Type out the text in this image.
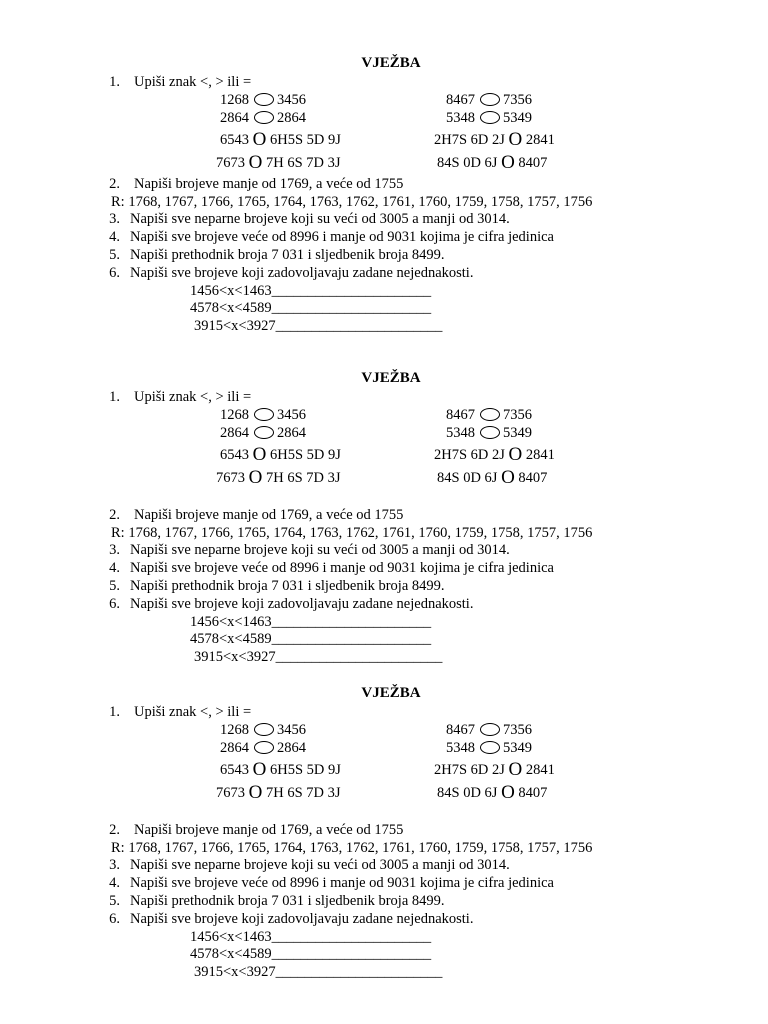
VJEŽBA
1. Upiši znak <, > ili =
1268 3456	8467 7356
2864 2864	5348 5349
6543 O 6H5S 5D 9J	2H7S 6D 2J O 2841
7673 O 7H 6S 7D 3J	84S 0D 6J O 8407
2. Napiši brojeve manje od 1769, a veće od 1755
R: 1768, 1767, 1766, 1765, 1764, 1763, 1762, 1761, 1760, 1759, 1758, 1757, 1756
3. Napiši sve neparne brojeve koji su veći od 3005 a manji od 3014.
4. Napiši sve brojeve veće od 8996 i manje od 9031 kojima je cifra jedinica
5. Napiši prethodnik broja 7 031 i sljedbenik broja 8499.
6. Napiši sve brojeve koji zadovoljavaju zadane nejednakosti.
1456<x<1463______________________
4578<x<4589______________________
3915<x<3927_______________________
VJEŽBA
1. Upiši znak <, > ili =
1268 3456	8467 7356
2864 2864	5348 5349
6543 O 6H5S 5D 9J	2H7S 6D 2J O 2841
7673 O 7H 6S 7D 3J	84S 0D 6J O 8407
2. Napiši brojeve manje od 1769, a veće od 1755
R: 1768, 1767, 1766, 1765, 1764, 1763, 1762, 1761, 1760, 1759, 1758, 1757, 1756
3. Napiši sve neparne brojeve koji su veći od 3005 a manji od 3014.
4. Napiši sve brojeve veće od 8996 i manje od 9031 kojima je cifra jedinica
5. Napiši prethodnik broja 7 031 i sljedbenik broja 8499.
6. Napiši sve brojeve koji zadovoljavaju zadane nejednakosti.
1456<x<1463______________________
4578<x<4589______________________
3915<x<3927_______________________
VJEŽBA
1. Upiši znak <, > ili =
1268 3456	8467 7356
2864 2864	5348 5349
6543 O 6H5S 5D 9J	2H7S 6D 2J O 2841
7673 O 7H 6S 7D 3J	84S 0D 6J O 8407
2. Napiši brojeve manje od 1769, a veće od 1755
R: 1768, 1767, 1766, 1765, 1764, 1763, 1762, 1761, 1760, 1759, 1758, 1757, 1756
3. Napiši sve neparne brojeve koji su veći od 3005 a manji od 3014.
4. Napiši sve brojeve veće od 8996 i manje od 9031 kojima je cifra jedinica
5. Napiši prethodnik broja 7 031 i sljedbenik broja 8499.
6. Napiši sve brojeve koji zadovoljavaju zadane nejednakosti.
1456<x<1463______________________
4578<x<4589______________________
3915<x<3927_______________________
